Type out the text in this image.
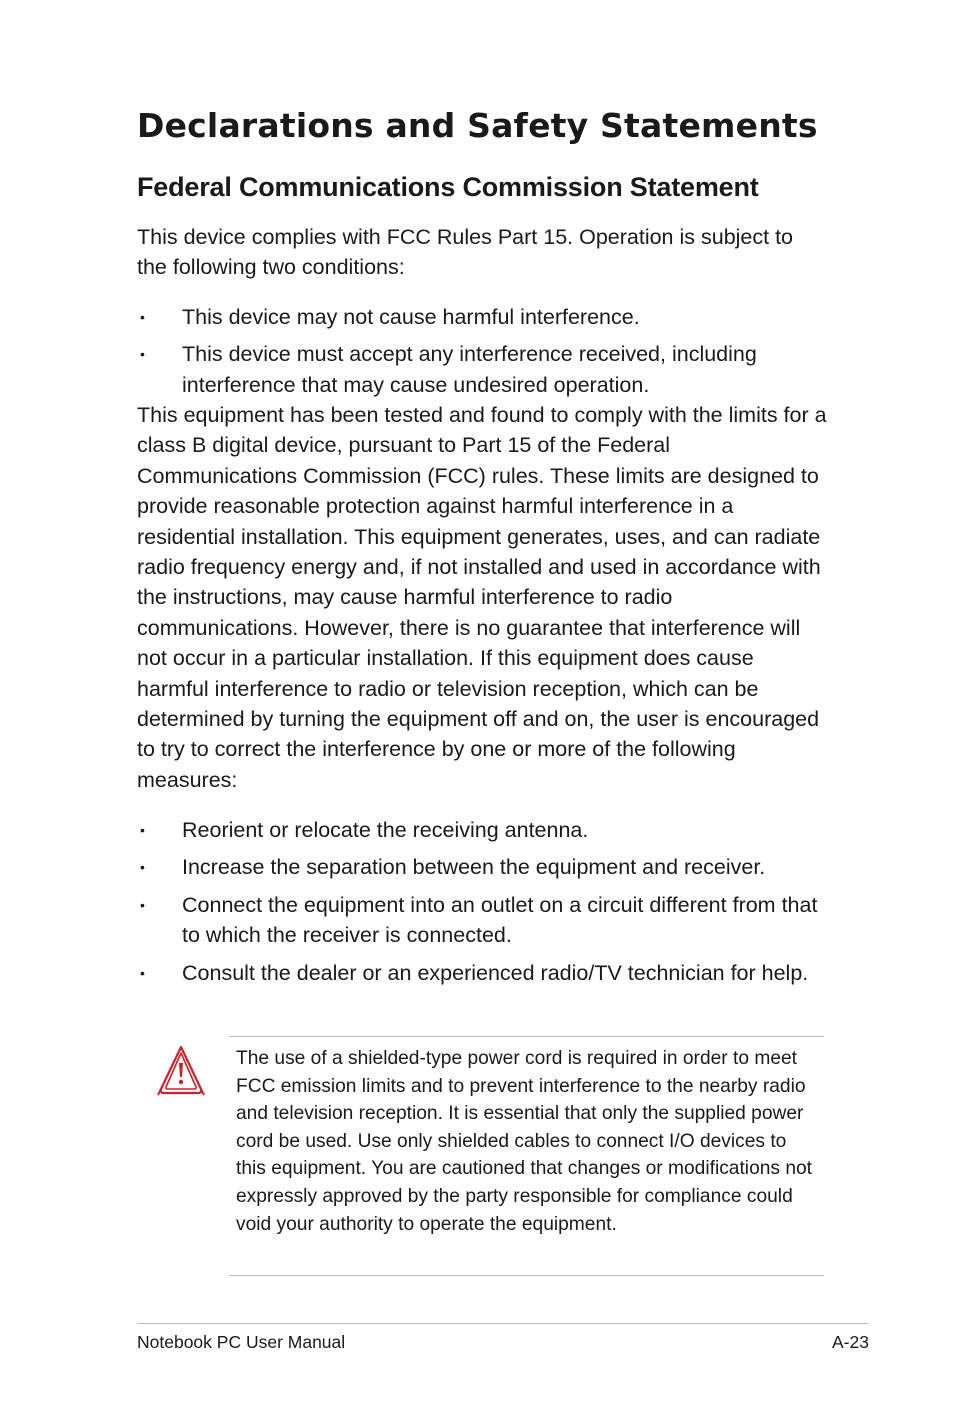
Declarations and Safety Statements
Federal Communications Commission Statement

This device complies with FCC Rules Part 15. Operation is subject to the following two conditions:

• This device may not cause harmful interference.
• This device must accept any interference received, including interference that may cause undesired operation.

This equipment has been tested and found to comply with the limits for a class B digital device, pursuant to Part 15 of the Federal Communications Commission (FCC) rules. These limits are designed to provide reasonable protection against harmful interference in a residential installation. This equipment generates, uses, and can radiate radio frequency energy and, if not installed and used in accordance with the instructions, may cause harmful interference to radio communications. However, there is no guarantee that interference will not occur in a particular installation. If this equipment does cause harmful interference to radio or television reception, which can be determined by turning the equipment off and on, the user is encouraged to try to correct the interference by one or more of the following measures:

• Reorient or relocate the receiving antenna.
• Increase the separation between the equipment and receiver.
• Connect the equipment into an outlet on a circuit different from that to which the receiver is connected.
• Consult the dealer or an experienced radio/TV technician for help.

The use of a shielded-type power cord is required in order to meet FCC emission limits and to prevent interference to the nearby radio and television reception. It is essential that only the supplied power cord be used. Use only shielded cables to connect I/O devices to this equipment. You are cautioned that changes or modifications not expressly approved by the party responsible for compliance could void your authority to operate the equipment.

Notebook PC User Manual	A-23
